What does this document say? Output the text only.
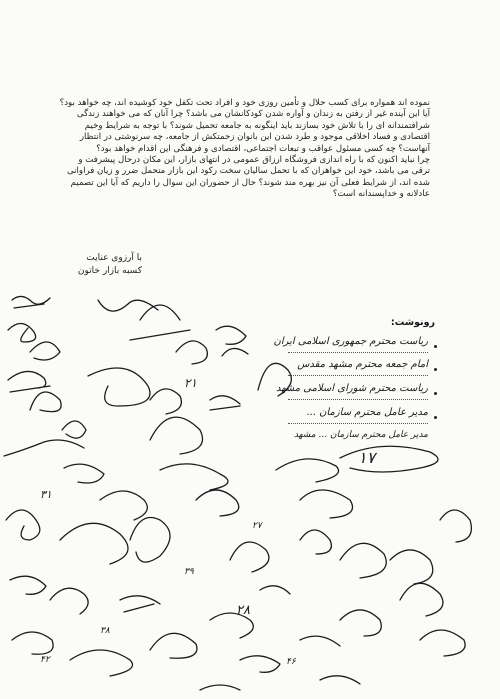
نموده اند همواره برای کسب حلال و تأمین روزی خود و افراد تحت تکفل خود کوشیده اند، چه خواهد بود؟ آیا این آینده غیر از رفتن به زندان و آواره شدن کودکانشان می باشد؟ چرا آنان که می خواهند زندگی شرافتمندانه ای را با تلاش خود بسازند باید اینگونه به جامعه تحمیل شوند؟ با توجه به شرایط وخیم اقتصادی و فساد اخلاقی موجود و طرد شدن این بانوان زحمتکش از جامعه، چه سرنوشتی در انتظار آنهاست؟ چه کسی مسئول عواقب و تبعات اجتماعی، اقتصادی و فرهنگی این اقدام خواهد بود؟

چرا نباید اکنون که با راه اندازی فروشگاه ارزاق عمومی در انتهای بازار، این مکان درحال پیشرفت و ترقی می باشد، خود این خواهران که با تحمل سالیان سخت رکود این بازار متحمل ضرر و زیان فراوانی شده اند، از شرایط فعلی آن نیز بهره مند شوند؟ حال از حضوران این سوال را داریم که آیا این تصمیم عادلانه و خداپسندانه است؟

با آرزوی عنایت

کسبه بازار خاتون

رونوشت:
ریاست محترم جمهوری اسلامی ایران
امام جمعه محترم مشهد مقدس
ریاست محترم شورای اسلامی مشهد
مدیر عامل محترم سازمان ...
مدیر عامل محترم سازمان ... مشهد
۱۷
۲۸
۳۸
۴۶
۲۷
۳۹
۲۱
۳۱
۴۲
